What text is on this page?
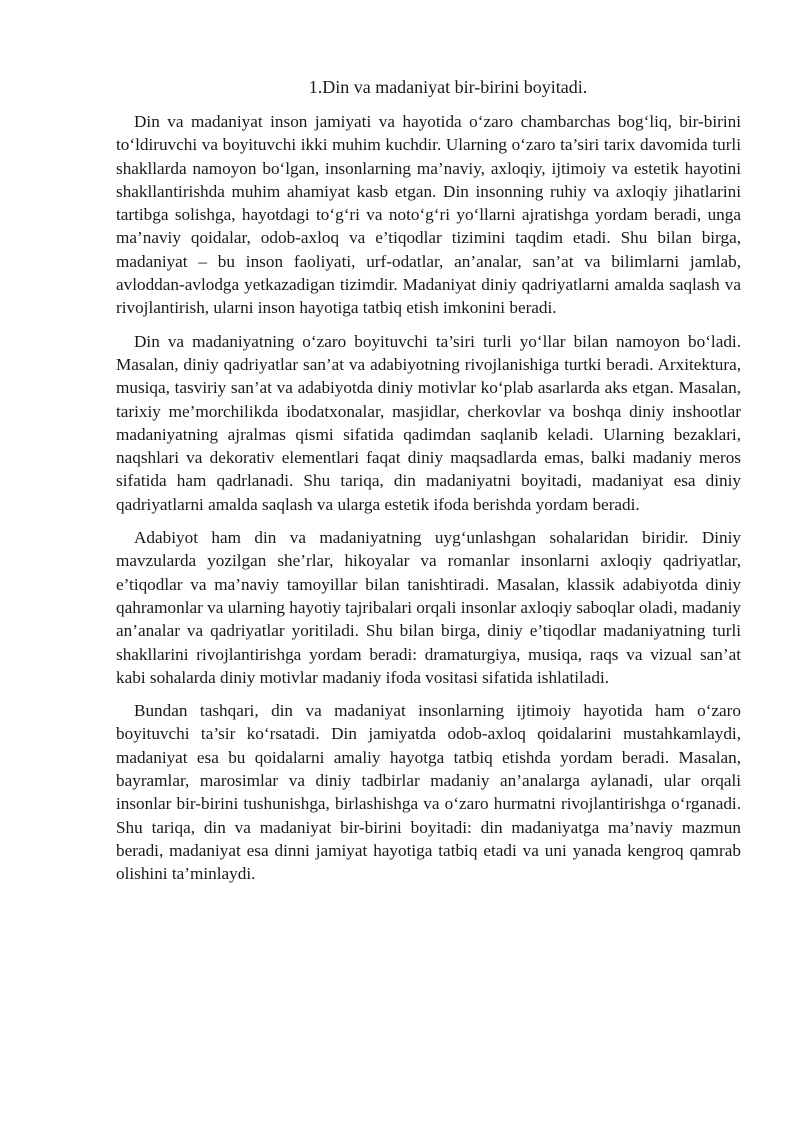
1.Din va madaniyat bir-birini boyitadi.

Din va madaniyat inson jamiyati va hayotida o‘zaro chambarchas bog‘liq, bir-birini to‘ldiruvchi va boyituvchi ikki muhim kuchdir. Ularning o‘zaro ta’siri tarix davomida turli shakllarda namoyon bo‘lgan, insonlarning ma’naviy, axloqiy, ijtimoiy va estetik hayotini shakllantirishda muhim ahamiyat kasb etgan. Din insonning ruhiy va axloqiy jihatlarini tartibga solishga, hayotdagi to‘g‘ri va noto‘g‘ri yo‘llarni ajratishga yordam beradi, unga ma’naviy qoidalar, odob-axloq va e’tiqodlar tizimini taqdim etadi. Shu bilan birga, madaniyat – bu inson faoliyati, urf-odatlar, an’analar, san’at va bilimlarni jamlab, avloddan-avlodga yetkazadigan tizimdir. Madaniyat diniy qadriyatlarni amalda saqlash va rivojlantirish, ularni inson hayotiga tatbiq etish imkonini beradi.

Din va madaniyatning o‘zaro boyituvchi ta’siri turli yo‘llar bilan namoyon bo‘ladi. Masalan, diniy qadriyatlar san’at va adabiyotning rivojlanishiga turtki beradi. Arxitektura, musiqa, tasviriy san’at va adabiyotda diniy motivlar ko‘plab asarlarda aks etgan. Masalan, tarixiy me’morchilikda ibodatxonalar, masjidlar, cherkovlar va boshqa diniy inshootlar madaniyatning ajralmas qismi sifatida qadimdan saqlanib keladi. Ularning bezaklari, naqshlari va dekorativ elementlari faqat diniy maqsadlarda emas, balki madaniy meros sifatida ham qadrlanadi. Shu tariqa, din madaniyatni boyitadi, madaniyat esa diniy qadriyatlarni amalda saqlash va ularga estetik ifoda berishda yordam beradi.

Adabiyot ham din va madaniyatning uyg‘unlashgan sohalaridan biridir. Diniy mavzularda yozilgan she’rlar, hikoyalar va romanlar insonlarni axloqiy qadriyatlar, e’tiqodlar va ma’naviy tamoyillar bilan tanishtiradi. Masalan, klassik adabiyotda diniy qahramonlar va ularning hayotiy tajribalari orqali insonlar axloqiy saboqlar oladi, madaniy an’analar va qadriyatlar yoritiladi. Shu bilan birga, diniy e’tiqodlar madaniyatning turli shakllarini rivojlantirishga yordam beradi: dramaturgiya, musiqa, raqs va vizual san’at kabi sohalarda diniy motivlar madaniy ifoda vositasi sifatida ishlatiladi.

Bundan tashqari, din va madaniyat insonlarning ijtimoiy hayotida ham o‘zaro boyituvchi ta’sir ko‘rsatadi. Din jamiyatda odob-axloq qoidalarini mustahkamlaydi, madaniyat esa bu qoidalarni amaliy hayotga tatbiq etishda yordam beradi. Masalan, bayramlar, marosimlar va diniy tadbirlar madaniy an’analarga aylanadi, ular orqali insonlar bir-birini tushunishga, birlashishga va o‘zaro hurmatni rivojlantirishga o‘rganadi. Shu tariqa, din va madaniyat bir-birini boyitadi: din madaniyatga ma’naviy mazmun beradi, madaniyat esa dinni jamiyat hayotiga tatbiq etadi va uni yanada kengroq qamrab olishini ta’minlaydi.
